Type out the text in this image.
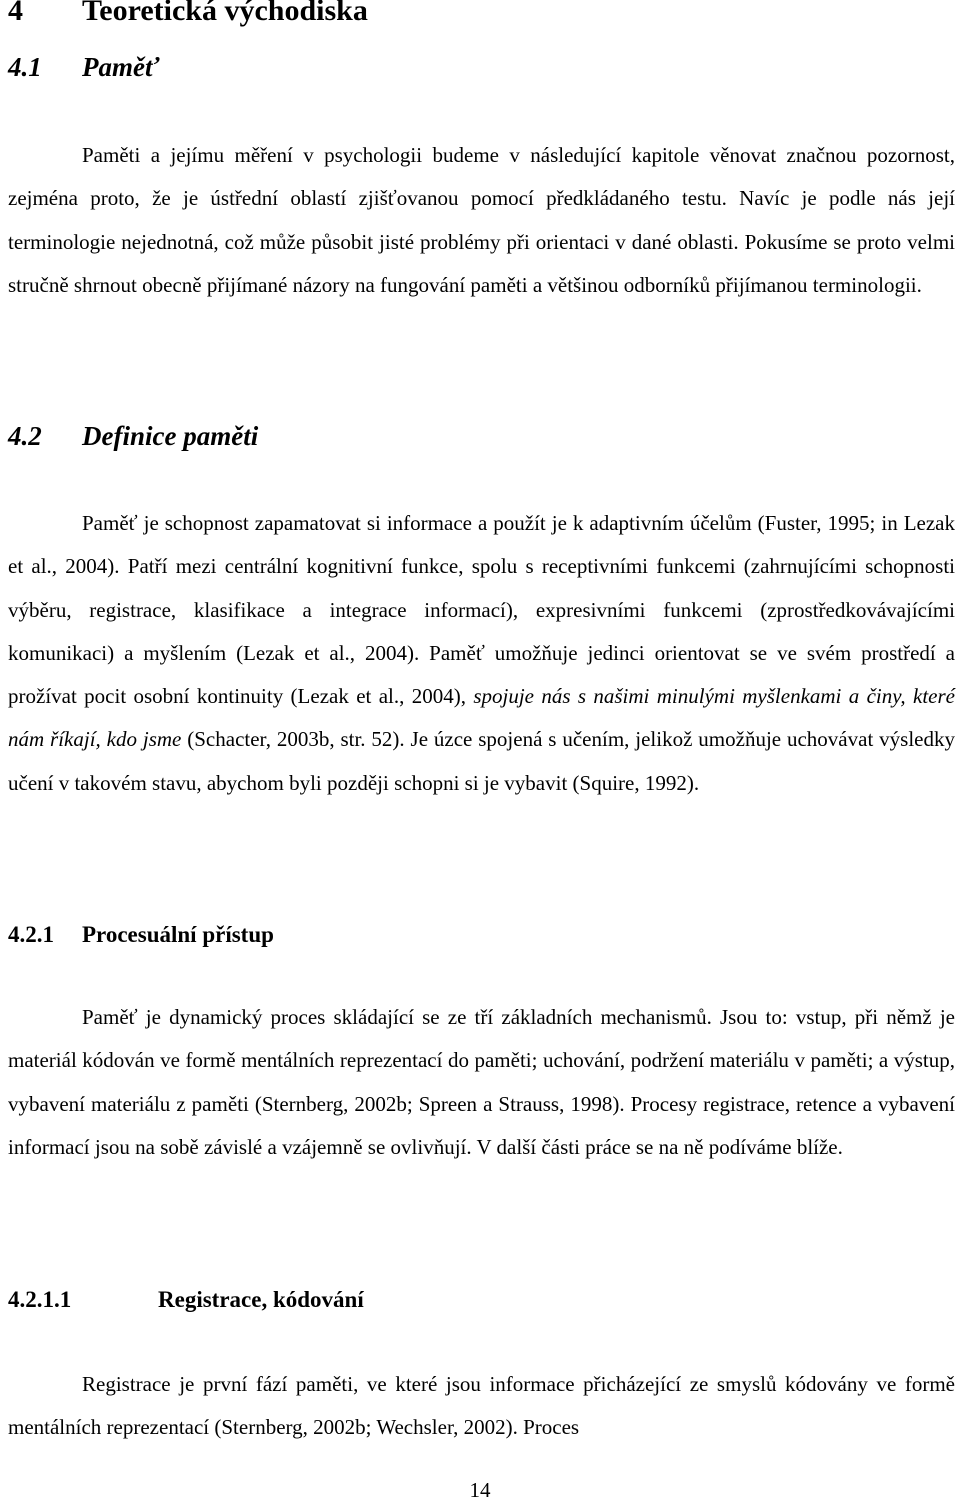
4	Teoretická východiska
4.1	Paměť

Paměti a jejímu měření v psychologii budeme v následující kapitole věnovat značnou pozornost, zejména proto, že je ústřední oblastí zjišťovanou pomocí předkládaného testu. Navíc je podle nás její terminologie nejednotná, což může působit jisté problémy při orientaci v dané oblasti. Pokusíme se proto velmi stručně shrnout obecně přijímané názory na fungování paměti a většinou odborníků přijímanou terminologii.

4.2	Definice paměti

Paměť je schopnost zapamatovat si informace a použít je k adaptivním účelům (Fuster, 1995; in Lezak et al., 2004). Patří mezi centrální kognitivní funkce, spolu s receptivními funkcemi (zahrnujícími schopnosti výběru, registrace, klasifikace a integrace informací), expresivními funkcemi (zprostředkovávajícími komunikaci) a myšlením (Lezak et al., 2004). Paměť umožňuje jedinci orientovat se ve svém prostředí a prožívat pocit osobní kontinuity (Lezak et al., 2004), spojuje nás s našimi minulými myšlenkami a činy, které nám říkají, kdo jsme (Schacter, 2003b, str. 52). Je úzce spojená s učením, jelikož umožňuje uchovávat výsledky učení v takovém stavu, abychom byli později schopni si je vybavit (Squire, 1992).

4.2.1	Procesuální přístup

Paměť je dynamický proces skládající se ze tří základních mechanismů. Jsou to: vstup, při němž je materiál kódován ve formě mentálních reprezentací do paměti; uchování, podržení materiálu v paměti; a výstup, vybavení materiálu z paměti (Sternberg, 2002b; Spreen a Strauss, 1998). Procesy registrace, retence a vybavení informací jsou na sobě závislé a vzájemně se ovlivňují. V další části práce se na ně podíváme blíže.

4.2.1.1	Registrace, kódování

Registrace je první fází paměti, ve které jsou informace přicházející ze smyslů kódovány ve formě mentálních reprezentací (Sternberg, 2002b; Wechsler, 2002). Proces

14
